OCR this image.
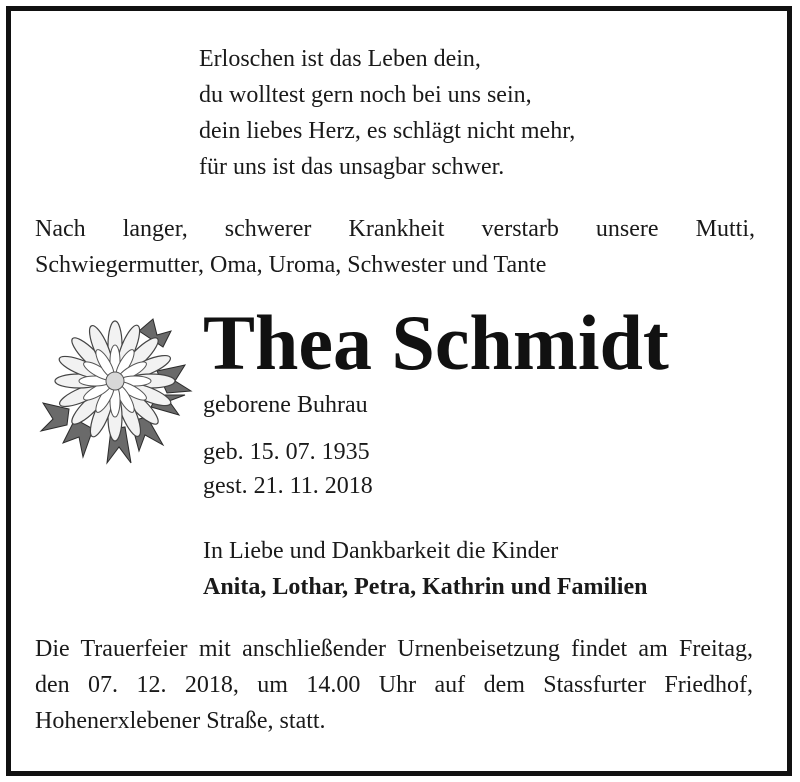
Erloschen ist das Leben dein,
du wolltest gern noch bei uns sein,
dein liebes Herz, es schlägt nicht mehr,
für uns ist das unsagbar schwer.
Nach langer, schwerer Krankheit verstarb unsere Mutti,
Schwiegermutter, Oma, Uroma, Schwester und Tante
Thea Schmidt
geborene Buhrau
geb. 15. 07. 1935
gest. 21. 11. 2018
In Liebe und Dankbarkeit die Kinder
Anita, Lothar, Petra, Kathrin und Familien
Die Trauerfeier mit anschließender Urnenbeisetzung findet am Freitag, den 07. 12. 2018, um 14.00 Uhr auf dem Stassfurter Friedhof, Hohenerxlebener Straße, statt.
